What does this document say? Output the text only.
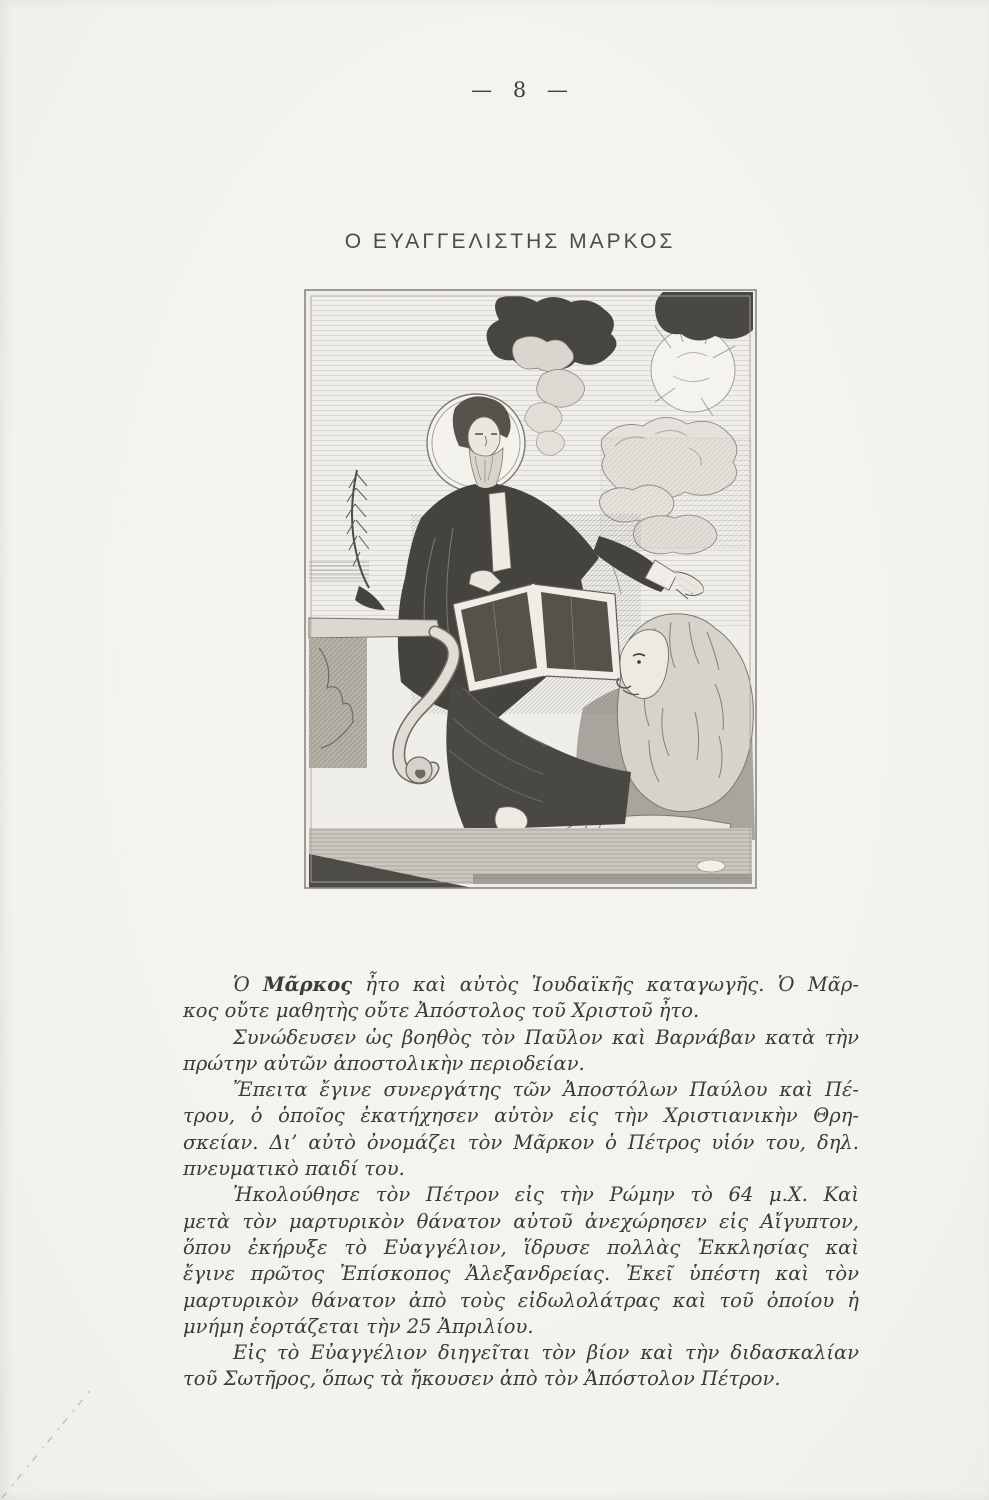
— 8 —
Ο ΕΥΑΓΓΕΛΙΣΤΗΣ ΜΑΡΚΟΣ
Ὁ Μᾶρκος ἦτο καὶ αὐτὸς Ἰουδαϊκῆς καταγωγῆς. Ὁ Μᾶρ-
κος οὔτε μαθητὴς οὔτε Ἀπόστολος τοῦ Χριστοῦ ἦτο.
Συνώδευσεν ὡς βοηθὸς τὸν Παῦλον καὶ Βαρνάβαν κατὰ τὴν
πρώτην αὐτῶν ἀποστολικὴν περιοδείαν.
Ἔπειτα ἔγινε συνεργάτης τῶν Ἀποστόλων Παύλου καὶ Πέ-
τρου, ὁ ὁποῖος ἐκατήχησεν αὐτὸν εἰς τὴν Χριστιανικὴν Θρη-
σκείαν. Δι’ αὐτὸ ὀνομάζει τὸν Μᾶρκον ὁ Πέτρος υἱόν του, δηλ.
πνευματικὸ παιδί του.
Ἠκολούθησε τὸν Πέτρον εἰς τὴν Ρώμην τὸ 64 μ.Χ. Καὶ
μετὰ τὸν μαρτυρικὸν θάνατον αὐτοῦ ἀνεχώρησεν εἰς Αἴγυπτον,
ὅπου ἐκήρυξε τὸ Εὐαγγέλιον, ἵδρυσε πολλὰς Ἐκκλησίας καὶ
ἔγινε πρῶτος Ἐπίσκοπος Ἀλεξανδρείας. Ἐκεῖ ὑπέστη καὶ τὸν
μαρτυρικὸν θάνατον ἀπὸ τοὺς εἰδωλολάτρας καὶ τοῦ ὁποίου ἡ
μνήμη ἑορτάζεται τὴν 25 Ἀπριλίου.
Εἰς τὸ Εὐαγγέλιον διηγεῖται τὸν βίον καὶ τὴν διδασκαλίαν
τοῦ Σωτῆρος, ὅπως τὰ ἤκουσεν ἀπὸ τὸν Ἀπόστολον Πέτρον.
